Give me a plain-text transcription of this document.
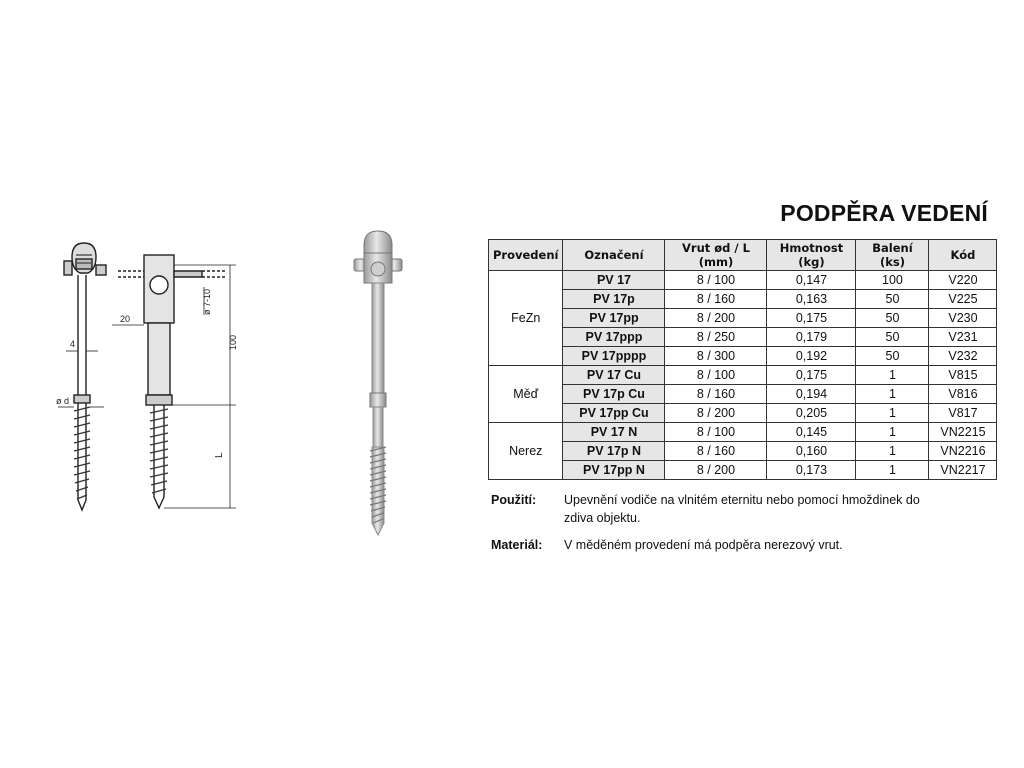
4
ø d
20
ø 7-10
100
L
PODPĚRA VEDENÍ
Provedení	Označení	Vrut ød / L (mm)	Hmotnost (kg)	Balení (ks)	Kód
FeZn	PV 17	8 / 100	0,147	100	V220
	PV 17p	8 / 160	0,163	50	V225
	PV 17pp	8 / 200	0,175	50	V230
	PV 17ppp	8 / 250	0,179	50	V231
	PV 17pppp	8 / 300	0,192	50	V232
Měď	PV 17 Cu	8 / 100	0,175	1	V815
	PV 17p Cu	8 / 160	0,194	1	V816
	PV 17pp Cu	8 / 200	0,205	1	V817
Nerez	PV 17 N	8 / 100	0,145	1	VN2215
	PV 17p N	8 / 160	0,160	1	VN2216
	PV 17pp N	8 / 200	0,173	1	VN2217
Použití: Upevnění vodiče na vlnitém eternitu nebo pomocí hmoždinek do zdiva objektu.
Materiál: V měděném provedení má podpěra nerezový vrut.
